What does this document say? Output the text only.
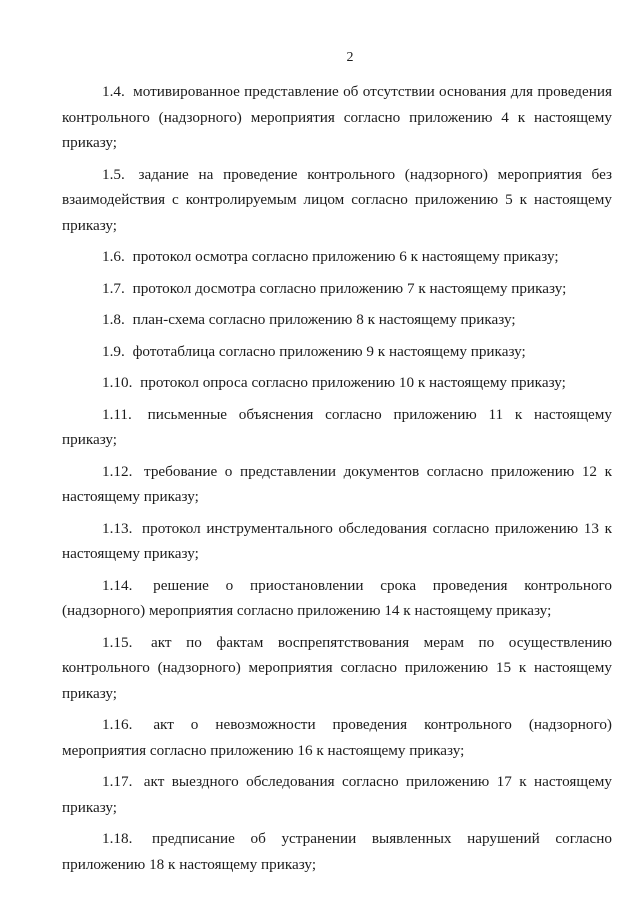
2

1.4. мотивированное представление об отсутствии основания для проведения контрольного (надзорного) мероприятия согласно приложению 4 к настоящему приказу;

1.5. задание на проведение контрольного (надзорного) мероприятия без взаимодействия с контролируемым лицом согласно приложению 5 к настоящему приказу;

1.6. протокол осмотра согласно приложению 6 к настоящему приказу;

1.7. протокол досмотра согласно приложению 7 к настоящему приказу;

1.8. план-схема согласно приложению 8 к настоящему приказу;

1.9. фототаблица согласно приложению 9 к настоящему приказу;

1.10. протокол опроса согласно приложению 10 к настоящему приказу;

1.11. письменные объяснения согласно приложению 11 к настоящему приказу;

1.12. требование о представлении документов согласно приложению 12 к настоящему приказу;

1.13. протокол инструментального обследования согласно приложению 13 к настоящему приказу;

1.14. решение о приостановлении срока проведения контрольного (надзорного) мероприятия согласно приложению 14 к настоящему приказу;

1.15. акт по фактам воспрепятствования мерам по осуществлению контрольного (надзорного) мероприятия согласно приложению 15 к настоящему приказу;

1.16. акт о невозможности проведения контрольного (надзорного) мероприятия согласно приложению 16 к настоящему приказу;

1.17. акт выездного обследования согласно приложению 17 к настоящему приказу;

1.18. предписание об устранении выявленных нарушений согласно приложению 18 к настоящему приказу;
